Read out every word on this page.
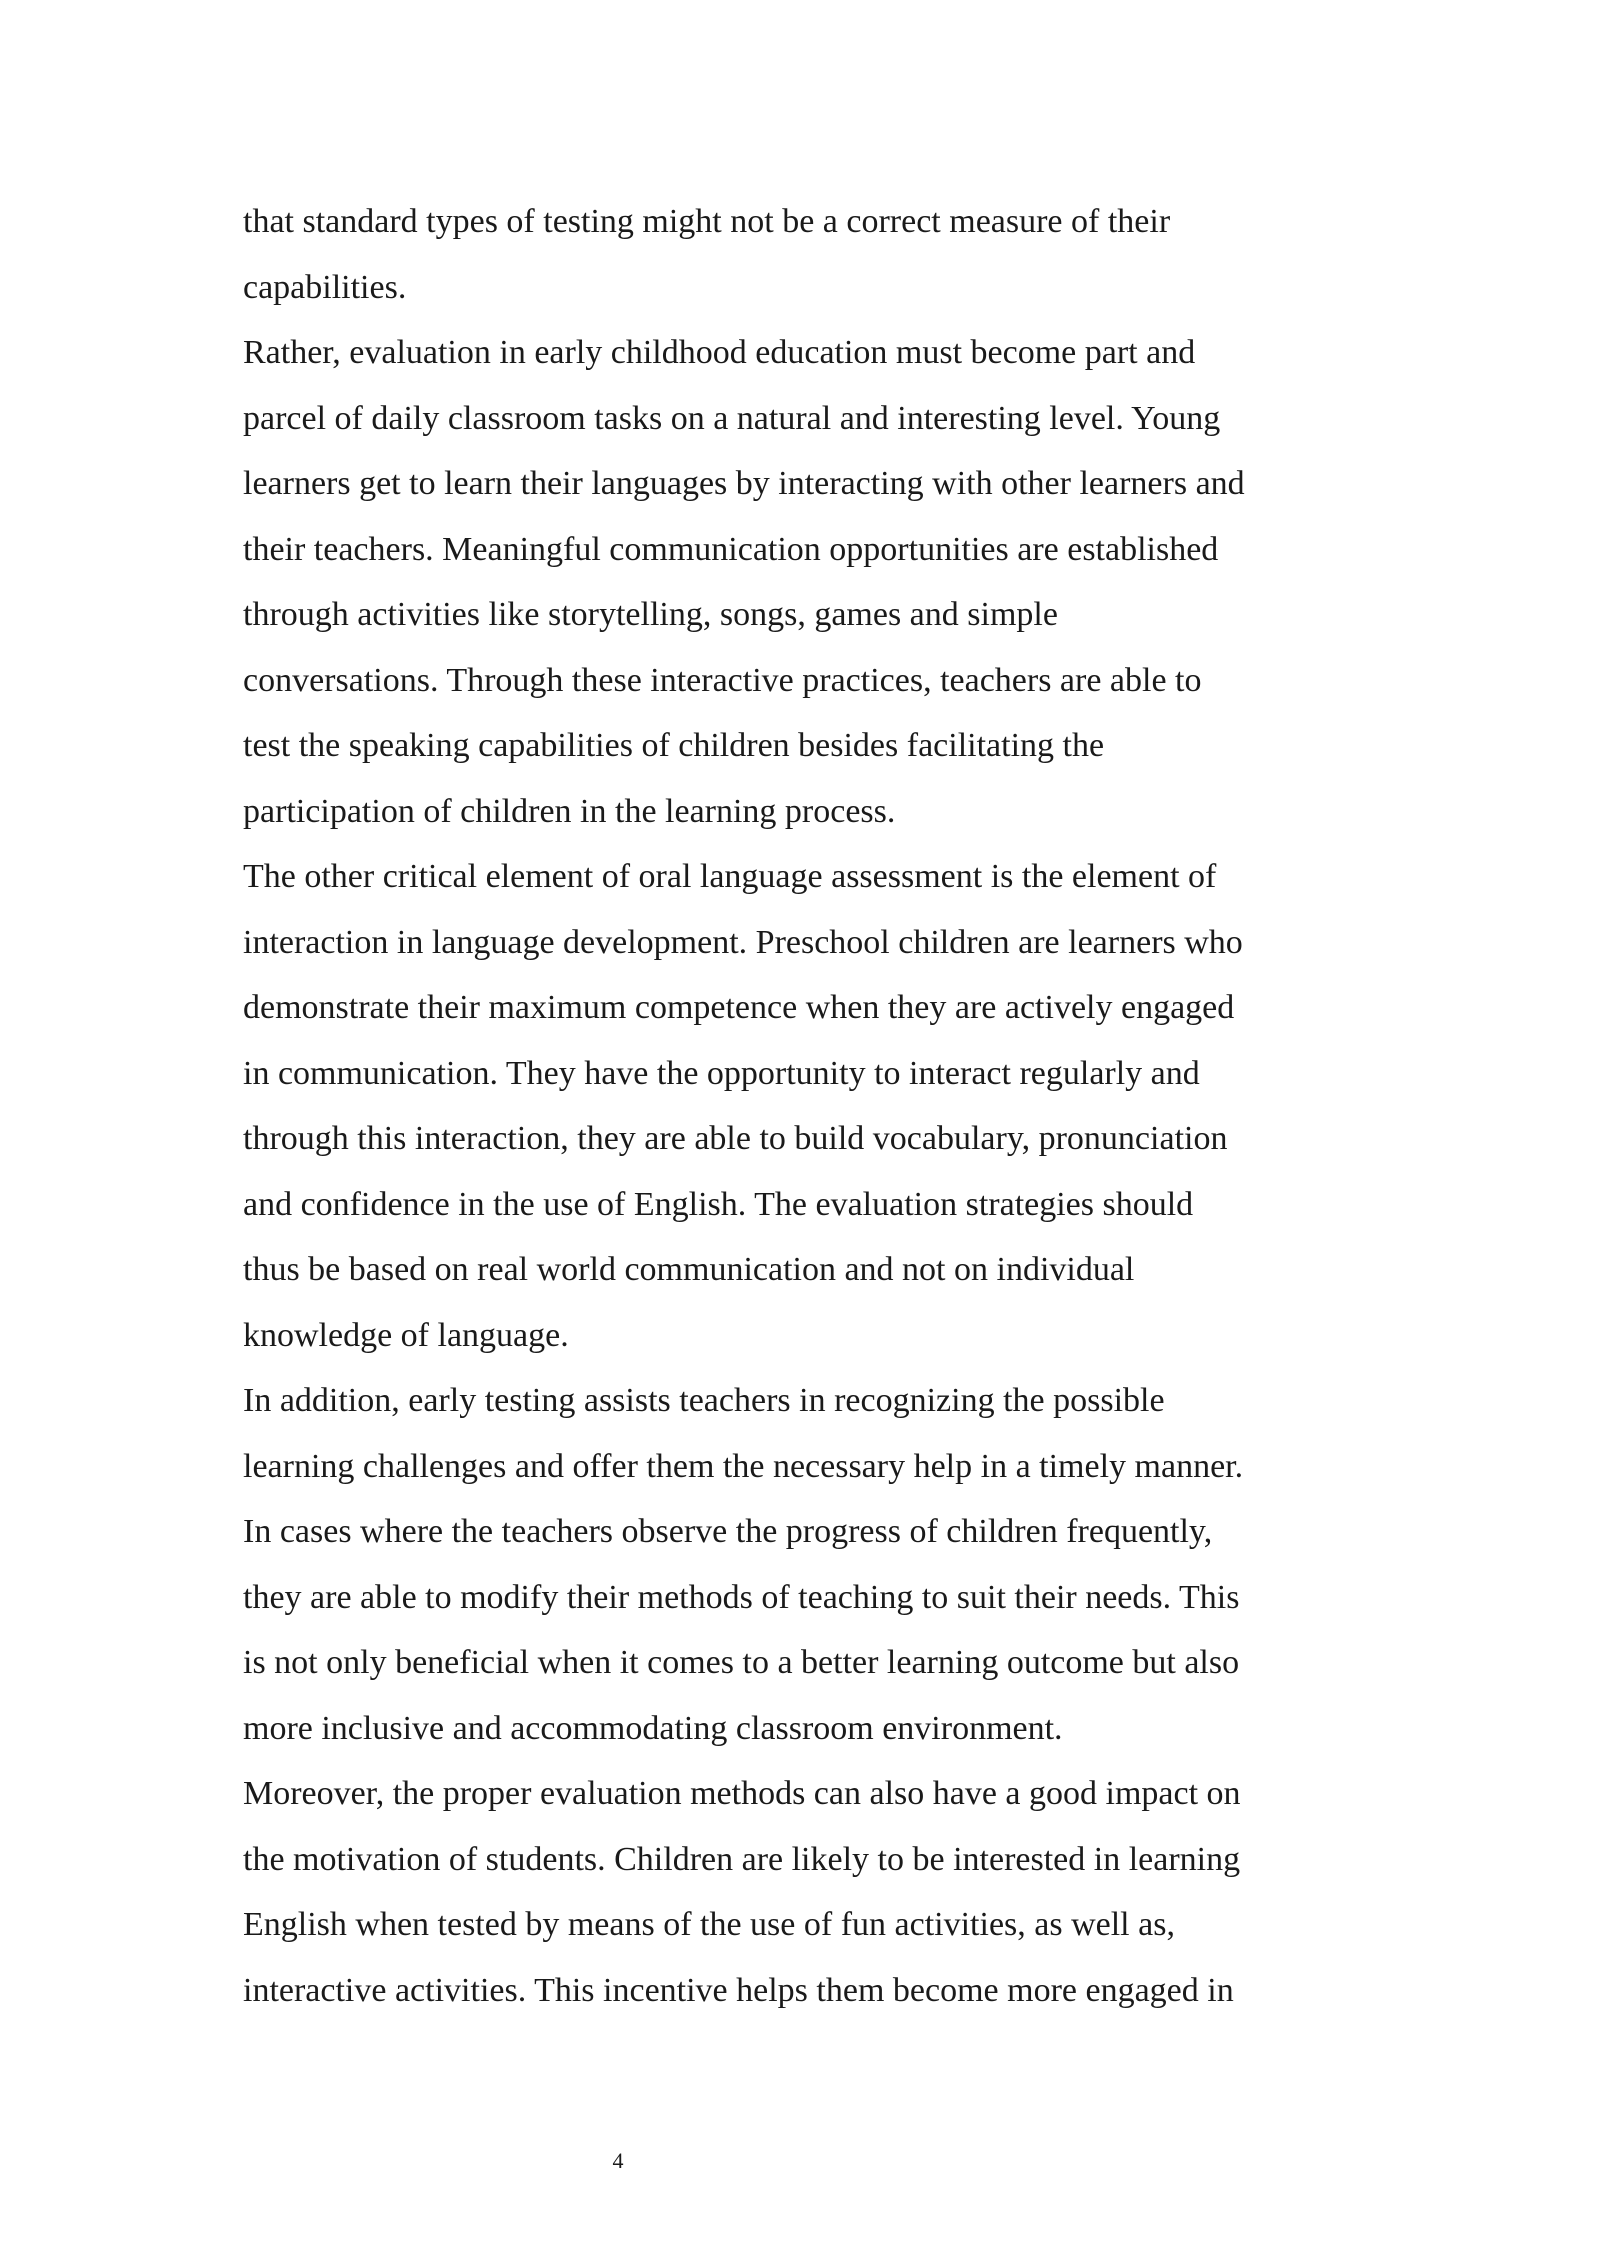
that standard types of testing might not be a correct measure of their
capabilities.
Rather, evaluation in early childhood education must become part and
parcel of daily classroom tasks on a natural and interesting level. Young
learners get to learn their languages by interacting with other learners and
their teachers. Meaningful communication opportunities are established
through activities like storytelling, songs, games and simple
conversations. Through these interactive practices, teachers are able to
test the speaking capabilities of children besides facilitating the
participation of children in the learning process.
The other critical element of oral language assessment is the element of
interaction in language development. Preschool children are learners who
demonstrate their maximum competence when they are actively engaged
in communication. They have the opportunity to interact regularly and
through this interaction, they are able to build vocabulary, pronunciation
and confidence in the use of English. The evaluation strategies should
thus be based on real world communication and not on individual
knowledge of language.
In addition, early testing assists teachers in recognizing the possible
learning challenges and offer them the necessary help in a timely manner.
In cases where the teachers observe the progress of children frequently,
they are able to modify their methods of teaching to suit their needs. This
is not only beneficial when it comes to a better learning outcome but also
more inclusive and accommodating classroom environment.
Moreover, the proper evaluation methods can also have a good impact on
the motivation of students. Children are likely to be interested in learning
English when tested by means of the use of fun activities, as well as,
interactive activities. This incentive helps them become more engaged in
4
